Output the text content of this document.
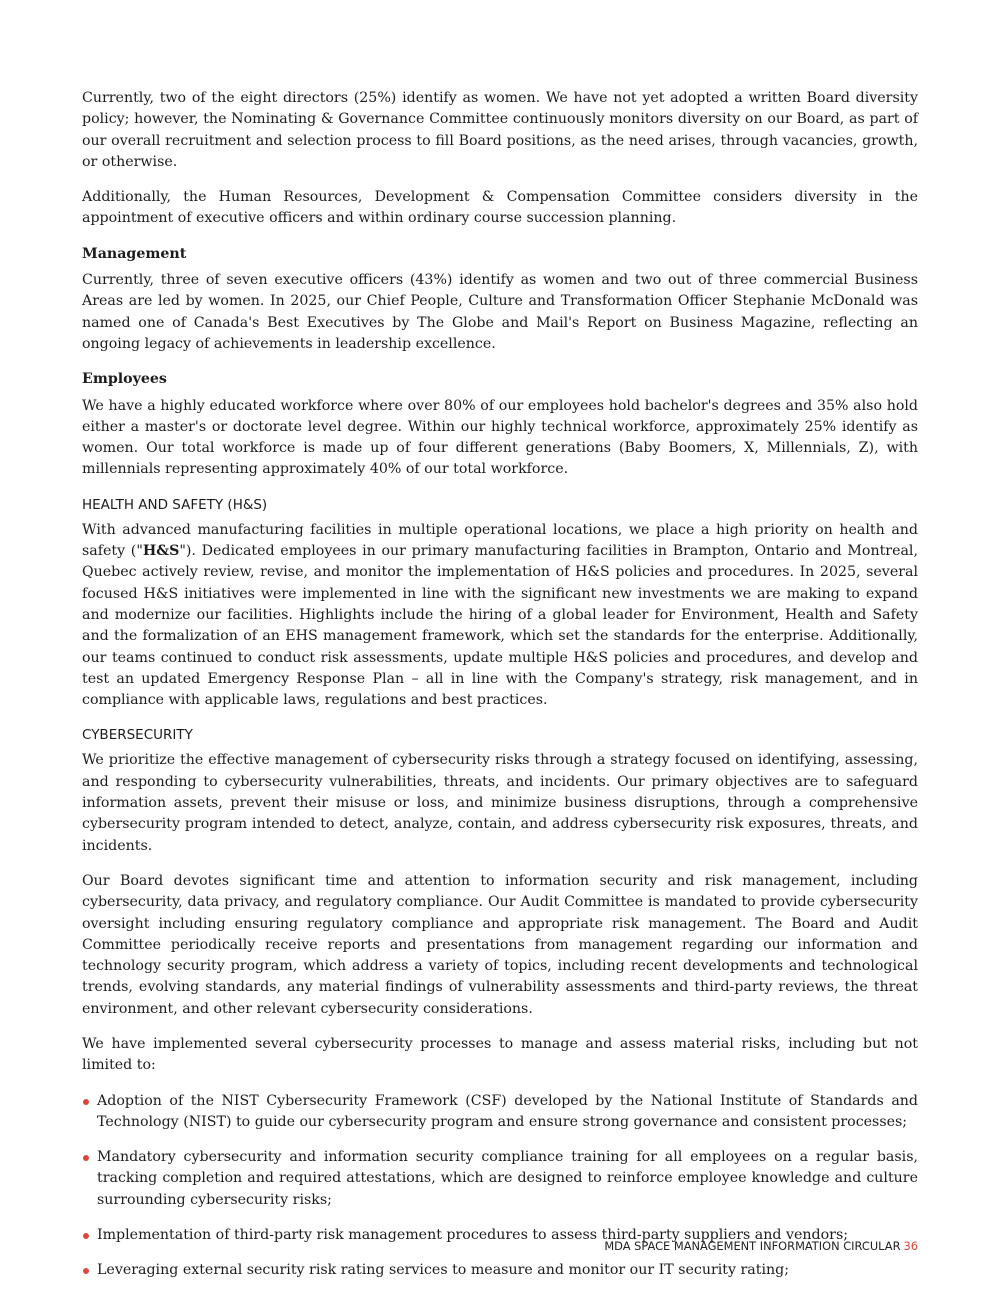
Currently, two of the eight directors (25%) identify as women. We have not yet adopted a written Board diversity policy; however, the Nominating & Governance Committee continuously monitors diversity on our Board, as part of our overall recruitment and selection process to fill Board positions, as the need arises, through vacancies, growth, or otherwise.

Additionally, the Human Resources, Development & Compensation Committee considers diversity in the appointment of executive officers and within ordinary course succession planning.

Management

Currently, three of seven executive officers (43%) identify as women and two out of three commercial Business Areas are led by women. In 2025, our Chief People, Culture and Transformation Officer Stephanie McDonald was named one of Canada's Best Executives by The Globe and Mail's Report on Business Magazine, reflecting an ongoing legacy of achievements in leadership excellence.

Employees

We have a highly educated workforce where over 80% of our employees hold bachelor's degrees and 35% also hold either a master's or doctorate level degree. Within our highly technical workforce, approximately 25% identify as women. Our total workforce is made up of four different generations (Baby Boomers, X, Millennials, Z), with millennials representing approximately 40% of our total workforce.

HEALTH AND SAFETY (H&S)

With advanced manufacturing facilities in multiple operational locations, we place a high priority on health and safety ("H&S"). Dedicated employees in our primary manufacturing facilities in Brampton, Ontario and Montreal, Quebec actively review, revise, and monitor the implementation of H&S policies and procedures. In 2025, several focused H&S initiatives were implemented in line with the significant new investments we are making to expand and modernize our facilities. Highlights include the hiring of a global leader for Environment, Health and Safety and the formalization of an EHS management framework, which set the standards for the enterprise. Additionally, our teams continued to conduct risk assessments, update multiple H&S policies and procedures, and develop and test an updated Emergency Response Plan – all in line with the Company's strategy, risk management, and in compliance with applicable laws, regulations and best practices.

CYBERSECURITY

We prioritize the effective management of cybersecurity risks through a strategy focused on identifying, assessing, and responding to cybersecurity vulnerabilities, threats, and incidents. Our primary objectives are to safeguard information assets, prevent their misuse or loss, and minimize business disruptions, through a comprehensive cybersecurity program intended to detect, analyze, contain, and address cybersecurity risk exposures, threats, and incidents.

Our Board devotes significant time and attention to information security and risk management, including cybersecurity, data privacy, and regulatory compliance. Our Audit Committee is mandated to provide cybersecurity oversight including ensuring regulatory compliance and appropriate risk management. The Board and Audit Committee periodically receive reports and presentations from management regarding our information and technology security program, which address a variety of topics, including recent developments and technological trends, evolving standards, any material findings of vulnerability assessments and third-party reviews, the threat environment, and other relevant cybersecurity considerations.

We have implemented several cybersecurity processes to manage and assess material risks, including but not limited to:

Adoption of the NIST Cybersecurity Framework (CSF) developed by the National Institute of Standards and Technology (NIST) to guide our cybersecurity program and ensure strong governance and consistent processes;
Mandatory cybersecurity and information security compliance training for all employees on a regular basis, tracking completion and required attestations, which are designed to reinforce employee knowledge and culture surrounding cybersecurity risks;
Implementation of third-party risk management procedures to assess third-party suppliers and vendors;
Leveraging external security risk rating services to measure and monitor our IT security rating;
MDA SPACE MANAGEMENT INFORMATION CIRCULAR 36
